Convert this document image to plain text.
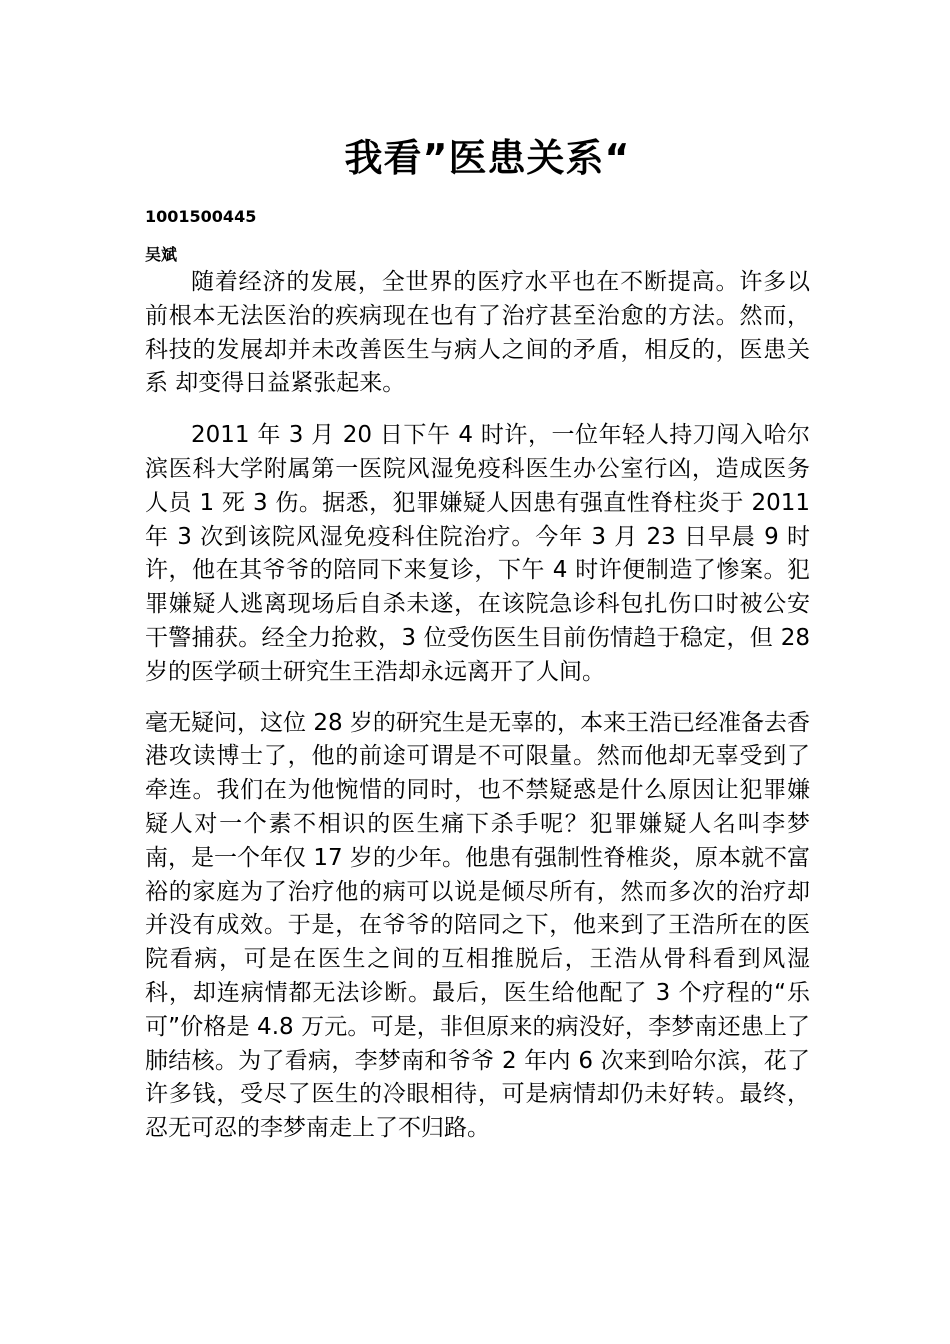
我看”医患关系“
1001500445
吴斌

随着经济的发展，全世界的医疗水平也在不断提高。许多以前根本无法医治的疾病现在也有了治疗甚至治愈的方法。然而，科技的发展却并未改善医生与病人之间的矛盾，相反的，医患关系 却变得日益紧张起来。

2011 年 3 月 20 日下午 4 时许，一位年轻人持刀闯入哈尔滨医科大学附属第一医院风湿免疫科医生办公室行凶，造成医务人员 1 死 3 伤。据悉，犯罪嫌疑人因患有强直性脊柱炎于 2011 年 3 次到该院风湿免疫科住院治疗。今年 3 月 23 日早晨 9 时许，他在其爷爷的陪同下来复诊，下午 4 时许便制造了惨案。犯罪嫌疑人逃离现场后自杀未遂，在该院急诊科包扎伤口时被公安干警捕获。经全力抢救，3 位受伤医生目前伤情趋于稳定，但 28 岁的医学硕士研究生王浩却永远离开了人间。

毫无疑问，这位 28 岁的研究生是无辜的，本来王浩已经准备去香港攻读博士了，他的前途可谓是不可限量。然而他却无辜受到了牵连。我们在为他惋惜的同时，也不禁疑惑是什么原因让犯罪嫌疑人对一个素不相识的医生痛下杀手呢？犯罪嫌疑人名叫李梦南，是一个年仅 17 岁的少年。他患有强制性脊椎炎，原本就不富裕的家庭为了治疗他的病可以说是倾尽所有，然而多次的治疗却并没有成效。于是，在爷爷的陪同之下，他来到了王浩所在的医院看病，可是在医生之间的互相推脱后，王浩从骨科看到风湿科，却连病情都无法诊断。最后，医生给他配了 3 个疗程的“乐可”价格是 4.8 万元。可是，非但原来的病没好，李梦南还患上了肺结核。为了看病，李梦南和爷爷 2 年内 6 次来到哈尔滨，花了许多钱，受尽了医生的冷眼相待，可是病情却仍未好转。最终，忍无可忍的李梦南走上了不归路。
